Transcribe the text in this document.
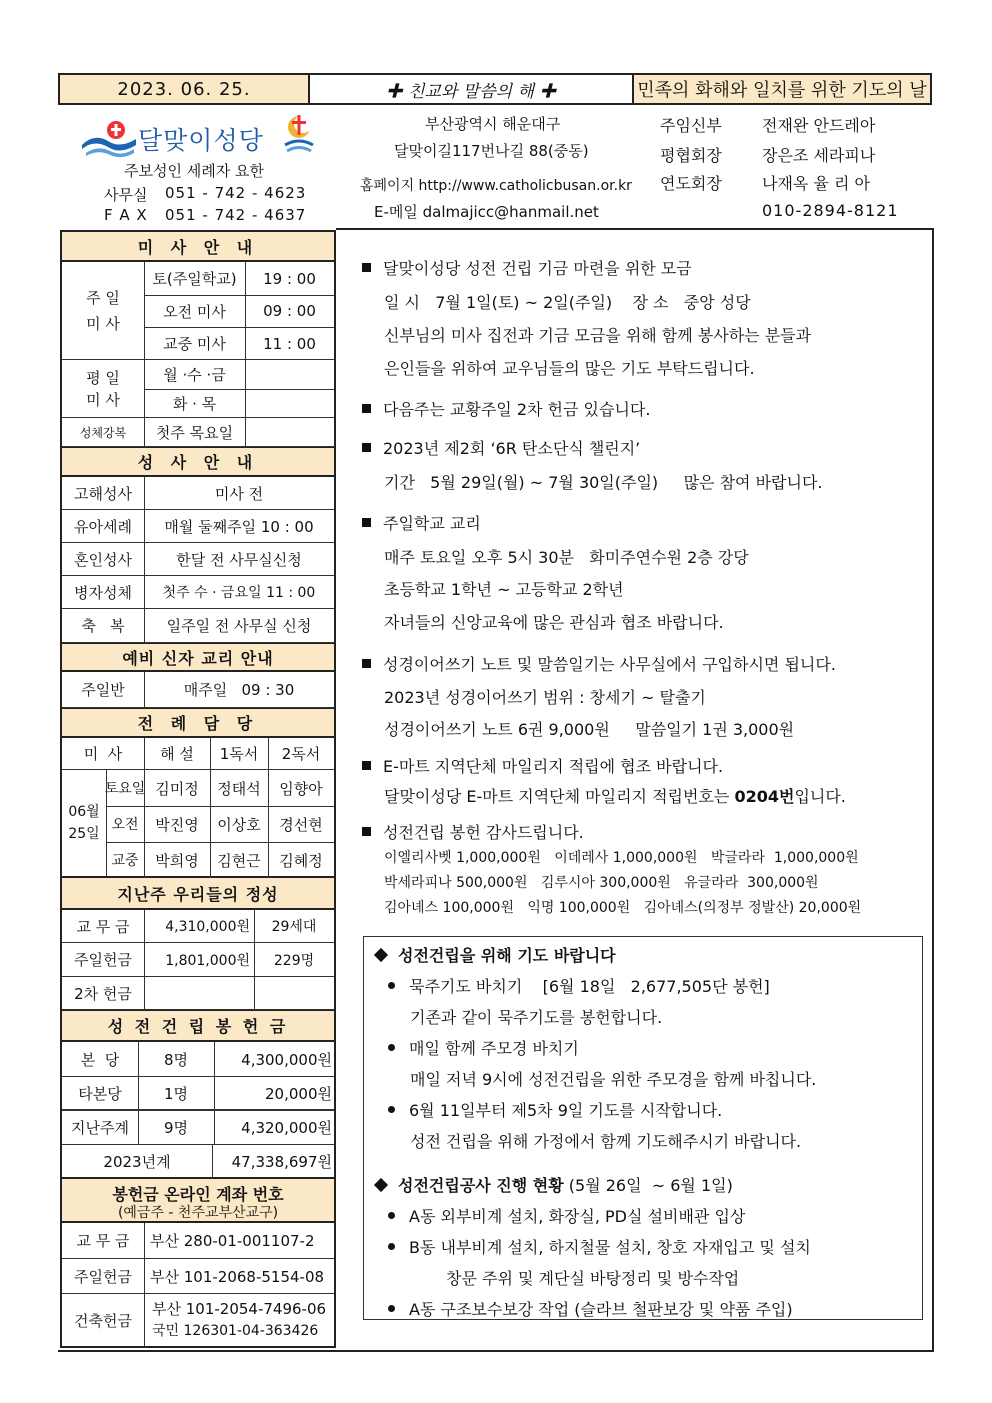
2023. 06. 25.	✚ 친교와 말씀의 해 ✚	민족의 화해와 일치를 위한 기도의 날
달맞이성당
주보성인 세례자 요한
사무실 051 - 742 - 4623
F A X 051 - 742 - 4637
부산광역시 해운대구
달맞이길117번나길 88(중동)
홈페이지 http://www.catholicbusan.or.kr
E-메일 dalmajicc@hanmail.net
주임신부	전재완 안드레아
평협회장	장은조 세라피나
연도회장	나재옥 율 리 아
010-2894-8121
미 사 안 내
주 일
미 사
토(주일학교)	19 : 00
오전 미사	09 : 00
교중 미사	11 : 00
평 일
미 사
월 ·수 ·금
화 · 목
성체강복	첫주 목요일
성 사 안 내
고해성사	미사 전
유아세례	매월 둘째주일 10 : 00
혼인성사	한달 전 사무실신청
병자성체	첫주 수 · 금요일 11 : 00
축   복	일주일 전 사무실 신청
예비 신자 교리 안내
주일반	매주일   09 : 30
전 례 담 당
미  사	해 설	1독서	2독서
06월
25일
토요일 김미정	정태석	임향아
오전	박진영	이상호	경선현
교중	박희영	김현근	김혜정
지난주 우리들의 정성
교 무 금	4,310,000원	29세대
주일헌금	1,801,000원	229명
2차 헌금
성 전 건 립 봉 헌 금
본  당	8명	4,300,000원
타본당	1명	20,000원
지난주계	9명	4,320,000원
2023년계	47,338,697원
봉헌금 온라인 계좌 번호
(예금주 - 천주교부산교구)
교 무 금	부산 280-01-001107-2
주일헌금	부산 101-2068-5154-08
건축헌금
부산 101-2054-7496-06
국민 126301-04-363426
달맞이성당 성전 건립 기금 마련을 위한 모금
일 시   7월 1일(토) ~ 2일(주일)    장 소   중앙 성당
신부님의 미사 집전과 기금 모금을 위해 함께 봉사하는 분들과
은인들을 위하여 교우님들의 많은 기도 부탁드립니다.
다음주는 교황주일 2차 헌금 있습니다.
2023년 제2회 ‘6R 탄소단식 챌린지’
기간   5월 29일(월) ~ 7월 30일(주일)     많은 참여 바랍니다.
주일학교 교리
매주 토요일 오후 5시 30분   화미주연수원 2층 강당
초등학교 1학년 ~ 고등학교 2학년
자녀들의 신앙교육에 많은 관심과 협조 바랍니다.
성경이어쓰기 노트 및 말씀일기는 사무실에서 구입하시면 됩니다.
2023년 성경이어쓰기 범위 : 창세기 ~ 탈출기
성경이어쓰기 노트 6권 9,000원     말씀일기 1권 3,000원
E-마트 지역단체 마일리지 적립에 협조 바랍니다.
달맞이성당 E-마트 지역단체 마일리지 적립번호는 0204번입니다.
성전건립 봉헌 감사드립니다.
이엘리사벳 1,000,000원   이데레사 1,000,000원   박글라라  1,000,000원
박세라피나 500,000원   김루시아 300,000원   유글라라  300,000원
김아녜스 100,000원   익명 100,000원   김아녜스(의정부 정발산) 20,000원
성전건립을 위해 기도 바랍니다
묵주기도 바치기    [6월 18일   2,677,505단 봉헌]
기존과 같이 묵주기도를 봉헌합니다.
매일 함께 주모경 바치기
매일 저녁 9시에 성전건립을 위한 주모경을 함께 바칩니다.
6월 11일부터 제5차 9일 기도를 시작합니다.
성전 건립을 위해 가정에서 함께 기도해주시기 바랍니다.
성전건립공사 진행 현황 (5월 26일  ~ 6월 1일)
A동 외부비계 설치, 화장실, PD실 설비배관 입상
B동 내부비계 설치, 하지철물 설치, 창호 자재입고 및 설치
창문 주위 및 계단실 바탕정리 및 방수작업
A동 구조보수보강 작업 (슬라브 철판보강 및 약품 주입)
